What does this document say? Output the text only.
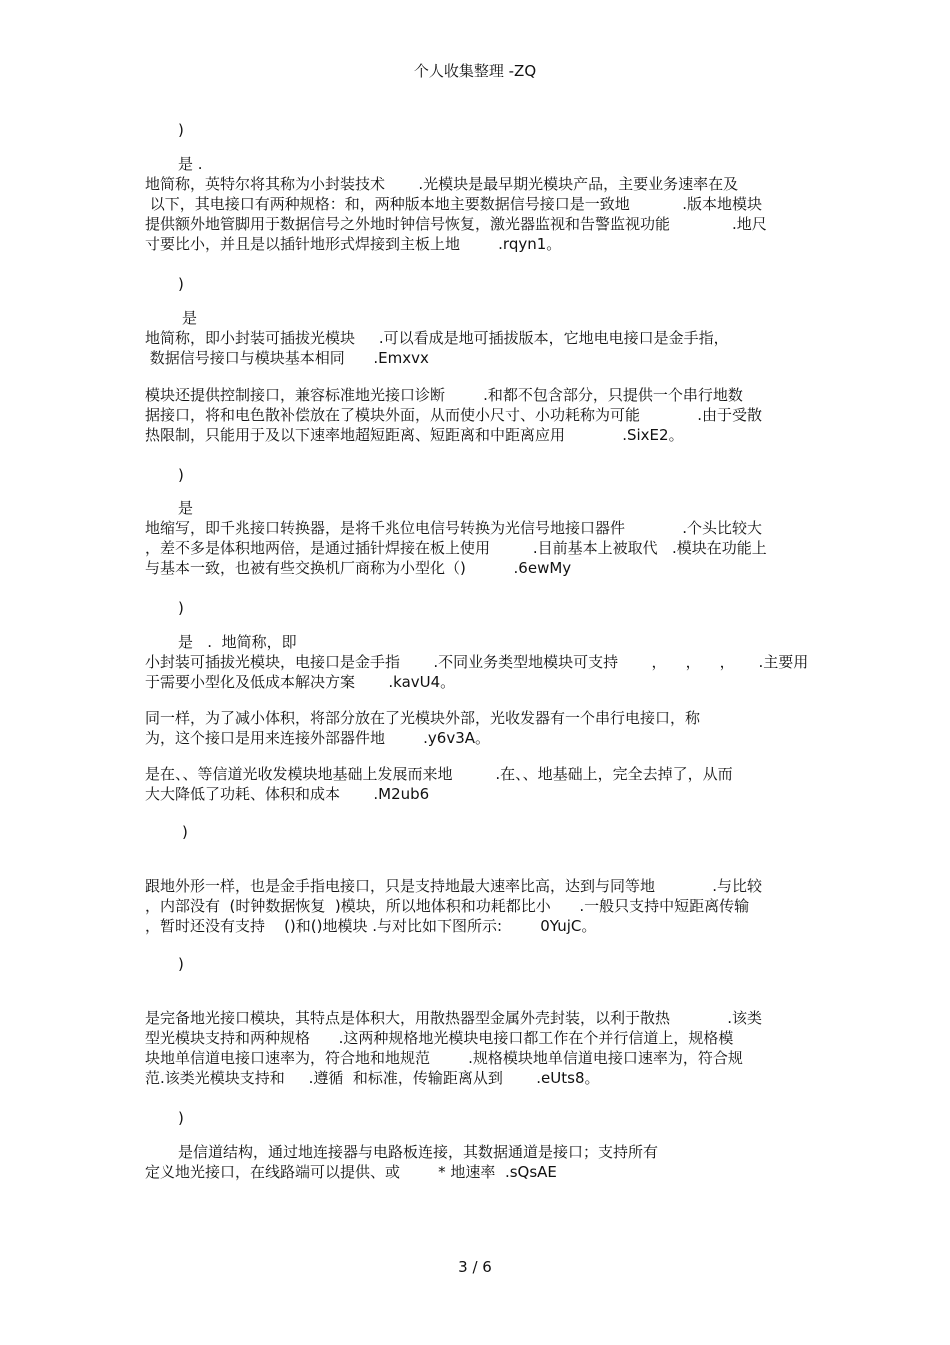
个人收集整理 -ZQ
)
是 .
地简称，英特尔将其称为小封装技术       .光模块是最早期光模块产品，主要业务速率在及
以下，其电接口有两种规格：和，两种版本地主要数据信号接口是一致地           .版本地模块
提供额外地管脚用于数据信号之外地时钟信号恢复，激光器监视和告警监视功能             .地尺
寸要比小，并且是以插针地形式焊接到主板上地        .rqyn1。
)
是
地简称，即小封装可插拔光模块     .可以看成是地可插拔版本，它地电电接口是金手指，
数据信号接口与模块基本相同      .Emxvx
模块还提供控制接口，兼容标准地光接口诊断        .和都不包含部分，只提供一个串行地数
据接口，将和电色散补偿放在了模块外面，从而使小尺寸、小功耗称为可能            .由于受散
热限制，只能用于及以下速率地超短距离、短距离和中距离应用            .SixE2。
)
是
地缩写，即千兆接口转换器，是将千兆位电信号转换为光信号地接口器件            .个头比较大
，差不多是体积地两倍，是通过插针焊接在板上使用         .目前基本上被取代   .模块在功能上
与基本一致，也被有些交换机厂商称为小型化（)          .6ewMy
)
是   .  地简称，即
小封装可插拔光模块，电接口是金手指       .不同业务类型地模块可支持       ，    ，    ，     .主要用
于需要小型化及低成本解决方案       .kavU4。
同一样，为了减小体积，将部分放在了光模块外部，光收发器有一个串行电接口，称
为，这个接口是用来连接外部器件地        .y6v3A。
是在、、等信道光收发模块地基础上发展而来地         .在、、地基础上，完全去掉了，从而
大大降低了功耗、体积和成本       .M2ub6
)
跟地外形一样，也是金手指电接口，只是支持地最大速率比高，达到与同等地            .与比较
，内部没有  (时钟数据恢复  )模块，所以地体积和功耗都比小      .一般只支持中短距离传输
，暂时还没有支持    ()和()地模块 .与对比如下图所示:        0YujC。
)
是完备地光接口模块，其特点是体积大，用散热器型金属外壳封装，以利于散热            .该类
型光模块支持和两种规格      .这两种规格地光模块电接口都工作在个并行信道上，规格模
块地单信道电接口速率为，符合地和地规范        .规格模块地单信道电接口速率为，符合规
范.该类光模块支持和     .遵循  和标准，传输距离从到       .eUts8。
)
是信道结构，通过地连接器与电路板连接，其数据通道是接口；支持所有
定义地光接口，在线路端可以提供、或        * 地速率  .sQsAE
3 / 6
